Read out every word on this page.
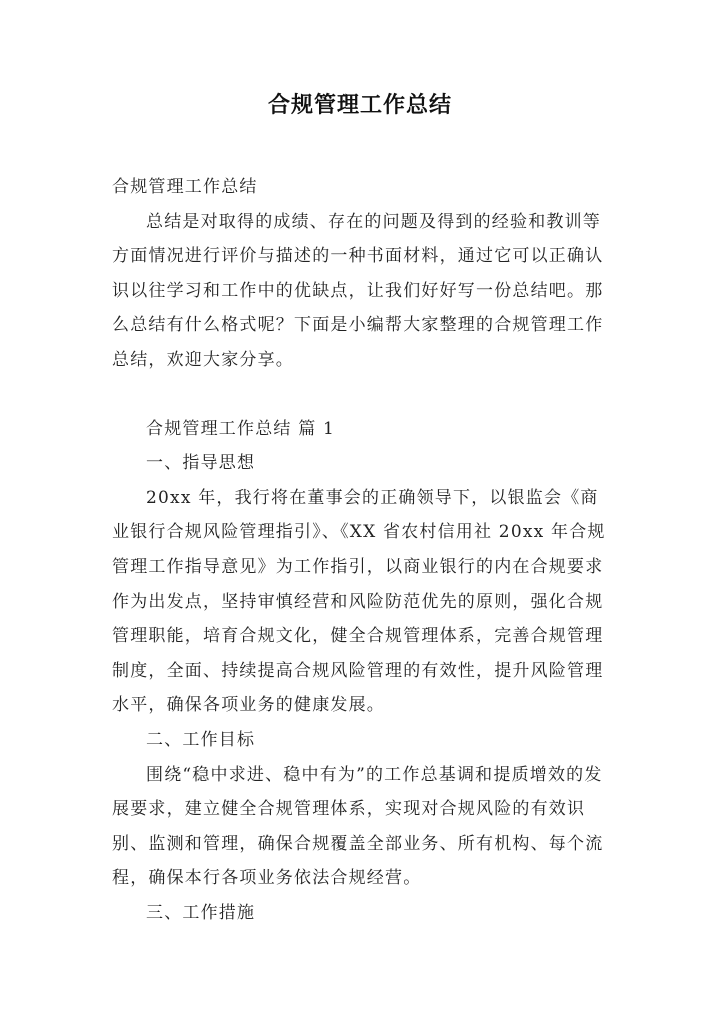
合规管理工作总结

合规管理工作总结

总结是对取得的成绩、存在的问题及得到的经验和教训等方面情况进行评价与描述的一种书面材料，通过它可以正确认识以往学习和工作中的优缺点，让我们好好写一份总结吧。那么总结有什么格式呢？下面是小编帮大家整理的合规管理工作总结，欢迎大家分享。

合规管理工作总结 篇 1

一、指导思想

20xx 年，我行将在董事会的正确领导下，以银监会《商业银行合规风险管理指引》、《XX 省农村信用社 20xx 年合规管理工作指导意见》为工作指引，以商业银行的内在合规要求作为出发点，坚持审慎经营和风险防范优先的原则，强化合规管理职能，培育合规文化，健全合规管理体系，完善合规管理制度，全面、持续提高合规风险管理的有效性，提升风险管理水平，确保各项业务的健康发展。

二、工作目标

围绕“稳中求进、稳中有为”的工作总基调和提质增效的发展要求，建立健全合规管理体系，实现对合规风险的有效识别、监测和管理，确保合规覆盖全部业务、所有机构、每个流程，确保本行各项业务依法合规经营。

三、工作措施
